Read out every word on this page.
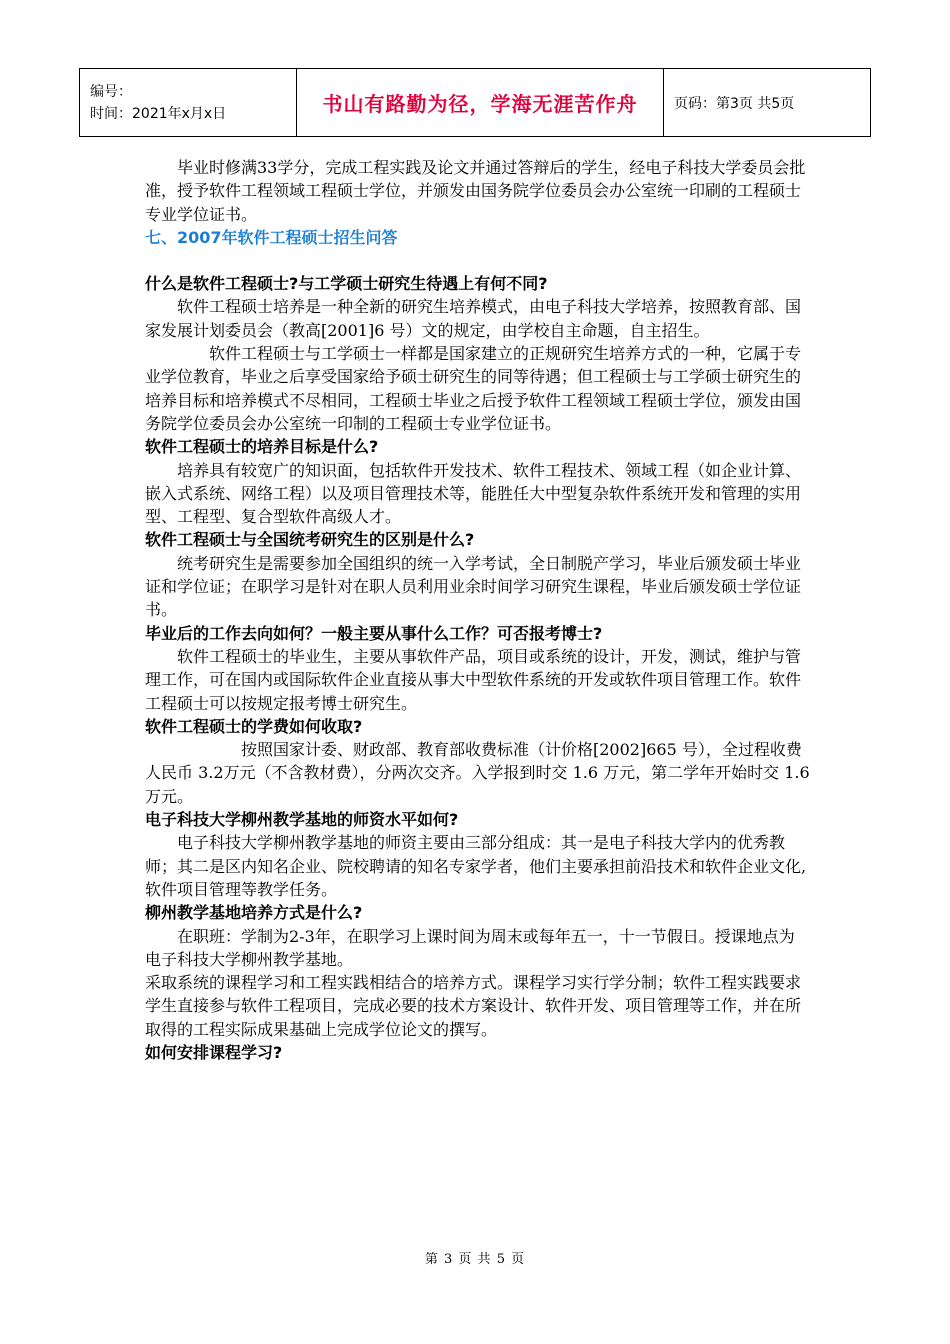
编号：
时间：2021年x月x日	书山有路勤为径，学海无涯苦作舟	页码：第3页 共5页

毕业时修满33学分，完成工程实践及论文并通过答辩后的学生，经电子科技大学委员会批准，授予软件工程领域工程硕士学位，并颁发由国务院学位委员会办公室统一印刷的工程硕士专业学位证书。

七、2007年软件工程硕士招生问答

什么是软件工程硕士?与工学硕士研究生待遇上有何不同?

软件工程硕士培养是一种全新的研究生培养模式，由电子科技大学培养，按照教育部、国家发展计划委员会（教高[2001]6 号）文的规定，由学校自主命题，自主招生。

软件工程硕士与工学硕士一样都是国家建立的正规研究生培养方式的一种，它属于专业学位教育，毕业之后享受国家给予硕士研究生的同等待遇；但工程硕士与工学硕士研究生的培养目标和培养模式不尽相同，工程硕士毕业之后授予软件工程领域工程硕士学位，颁发由国务院学位委员会办公室统一印制的工程硕士专业学位证书。

软件工程硕士的培养目标是什么?

培养具有较宽广的知识面，包括软件开发技术、软件工程技术、领域工程（如企业计算、嵌入式系统、网络工程）以及项目管理技术等，能胜任大中型复杂软件系统开发和管理的实用型、工程型、复合型软件高级人才。

软件工程硕士与全国统考研究生的区别是什么?

统考研究生是需要参加全国组织的统一入学考试，全日制脱产学习，毕业后颁发硕士毕业证和学位证；在职学习是针对在职人员利用业余时间学习研究生课程，毕业后颁发硕士学位证书。

毕业后的工作去向如何？一般主要从事什么工作？可否报考博士?

软件工程硕士的毕业生，主要从事软件产品，项目或系统的设计，开发，测试，维护与管理工作，可在国内或国际软件企业直接从事大中型软件系统的开发或软件项目管理工作。软件工程硕士可以按规定报考博士研究生。

软件工程硕士的学费如何收取?

按照国家计委、财政部、教育部收费标准（计价格[2002]665 号），全过程收费人民币 3.2万元（不含教材费），分两次交齐。入学报到时交 1.6 万元，第二学年开始时交 1.6 万元。

电子科技大学柳州教学基地的师资水平如何?

电子科技大学柳州教学基地的师资主要由三部分组成：其一是电子科技大学内的优秀教师；其二是区内知名企业、院校聘请的知名专家学者，他们主要承担前沿技术和软件企业文化,软件项目管理等教学任务。

柳州教学基地培养方式是什么?

在职班：学制为2-3年，在职学习上课时间为周末或每年五一，十一节假日。授课地点为电子科技大学柳州教学基地。

采取系统的课程学习和工程实践相结合的培养方式。课程学习实行学分制；软件工程实践要求学生直接参与软件工程项目，完成必要的技术方案设计、软件开发、项目管理等工作，并在所取得的工程实际成果基础上完成学位论文的撰写。

如何安排课程学习?

第 3 页 共 5 页
